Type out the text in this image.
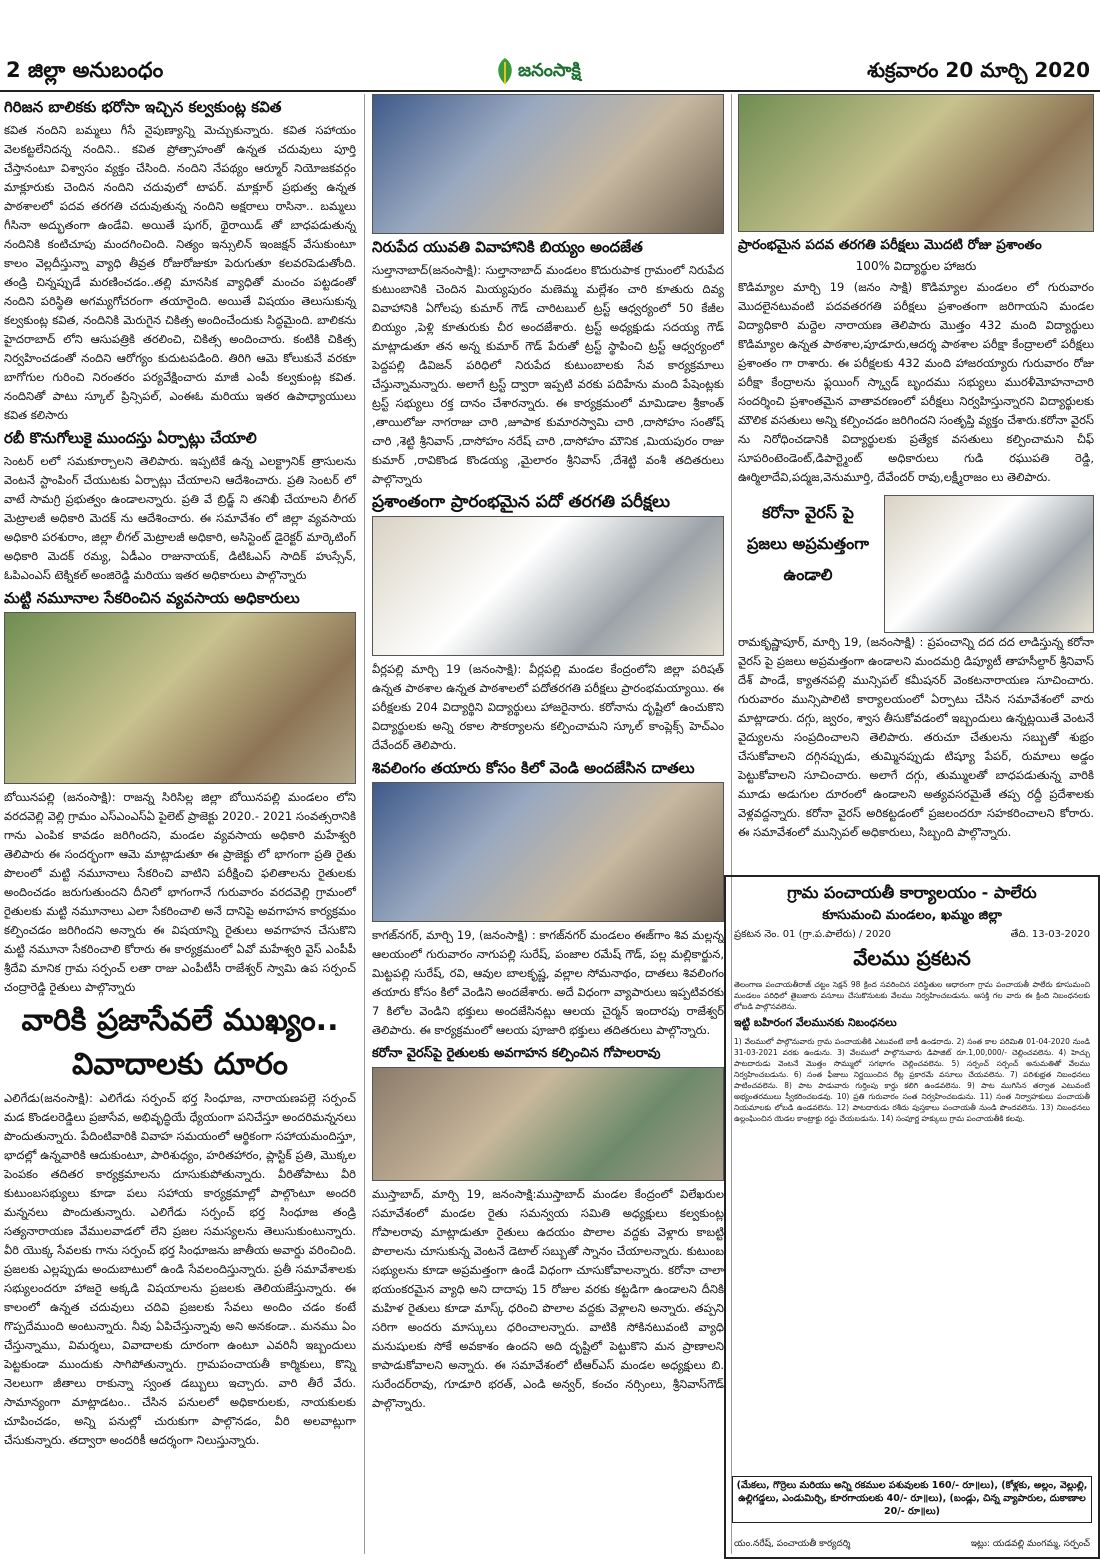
2 జిల్లా అనుబంధం	జనంసాక్షి	శుక్రవారం 20 మార్చి 2020
గిరిజన బాలికకు భరోసా ఇచ్చిన కల్వకుంట్ల కవిత

కవిత నందిని బమ్మలు గీసే నైపుణ్యాన్ని మెచ్చుకున్నారు. కవిత సహాయం వెలకట్టలేనిదన్న నందిని.. కవిత ప్రోత్సాహంతో ఉన్నత చదువులు పూర్తి చేస్తానంటూ విశ్వాసం వ్యక్తం చేసింది. నందిని నేపథ్యం ఆర్మూర్ నియోజకవర్గం మాక్లూరుకు చెందిన నందిని చదువులో టాపర్. మాక్లూర్ ప్రభుత్వ ఉన్నత పాఠశాలలో పదవ తరగతి చదువుతున్న నందిని అక్షరాలు రాసినా.. బమ్మలు గీసినా అద్భుతంగా ఉండేవి. అయితే షుగర్, థైరాయిడ్ తో బాధపడుతున్న నందినికి కంటిచూపు మందగించింది. నిత్యం ఇన్సులిన్ ఇంజక్షన్ వేసుకుంటూ కాలం వెల్లదీస్తున్నా వ్యాధి తీవ్రత రోజురోజుకూ పెరుగుతూ కలవరపెడుతోంది. తండ్రి చిన్నప్పుడే మరణించడం..తల్లి మానసిక వ్యాధితో మంచం పట్టడంతో నందిని పరిస్థితి అగమ్యగోచరంగా తయారైంది. అయితే విషయం తెలుసుకున్న కల్వకుంట్ల కవిత, నందినికి మెరుగైన చికిత్స అందించేందుకు సిద్ధమైంది. బాలికను హైదరాబాద్ లోని ఆసుపత్రికి తరలించి, చికిత్స అందించారు. కంటికి చికిత్స నిర్వహించడంతో నందిని ఆరోగ్యం కుదుటపడింది. తిరిగి ఆమె కోలుకునే వరకూ బాగోగుల గురించి నిరంతరం పర్యవేక్షించారు మాజీ ఎంపీ కల్వకుంట్ల కవిత. నందినితో పాటు స్కూల్ ప్రిన్సిపల్, ఎంఈఓ మరియు ఇతర ఉపాధ్యాయులు కవిత కలిసారు

రబీ కొనుగోలుకై ముందస్తు ఏర్పాట్లు చేయాలి

సెంటర్ లలో సమకూర్చాలని తెలిపారు. ఇప్పటికే ఉన్న ఎలక్ట్రానిక్ త్రాసులను వెంటనే స్టాంపింగ్ చేయుటకు ఏర్పాట్లు చేయాలని ఆదేశించారు. ప్రతి సెంటర్ లో వాటే సామగ్రి ప్రభుత్వం ఉండాలన్నారు. ప్రతి వే బ్రిడ్జ్ ని తనిఖీ చేయాలని లీగల్ మెట్రాలజీ అధికారి మెదక్ ను ఆదేశించారు. ఈ సమావేశం లో జిల్లా వ్యవసాయ అధికారి పరశురాం, జిల్లా లీగల్ మెట్రాలజీ అధికారి, అసిస్టెంట్ డైరెక్టర్ మార్కెటింగ్ అధికారి మెదక్ రమ్య, ఏడీఎం రాజునాయక్, డిటిఓఎస్ సాదిక్ హుస్సేన్, ఓపిఎంఎస్ టెక్నికల్ అంజిరెడ్డి మరియు ఇతర అధికారులు పాల్గొన్నారు

మట్టి నమూనాల సేకరించిన వ్యవసాయ అధికారులు

బోయినపల్లి (జనంసాక్షి): రాజన్న సిరిసిల్ల జిల్లా బోయినపల్లి మండలం లోని వరదవెల్లి వెల్లి గ్రామం ఎస్ఎంఎస్ఏ పైలెట్ ప్రాజెక్టు 2020.- 2021 సంవత్సరానికి గాను ఎంపిక కావడం జరిగిందని, మండల వ్యవసాయ అధికారి మహేశ్వరి తెలిపారు ఈ సందర్భంగా ఆమె మాట్లాడుతూ ఈ ప్రాజెక్టు లో భాగంగా ప్రతి రైతు పొలంలో మట్టి నమూనాలు సేకరించి వాటిని పరీక్షించి ఫలితాలను రైతులకు అందించడం జరుగుతుందని దీనిలో భాగంగానే గురువారం వరదవెల్లి గ్రామంలో రైతులకు మట్టి నమూనాలు ఎలా సేకరించాలి అనే దానిపై అవగాహన కార్యక్రమం కల్పించడం జరిగిందని అన్నారు ఈ విషయాన్ని రైతులు అవగాహన చేసుకొని మట్టి నమూనా సేకరించాలి కోరారు ఈ కార్యక్రమంలో ఏవో మహేశ్వరి వైస్ ఎంపీపీ శ్రీదేవి మానిక గ్రామ సర్పంచ్ లతా రాజు ఎంపీటీసీ రాజేశ్వర్ స్వామి ఉప సర్పంచ్ చంద్రారెడ్డి రైతులు పాల్గొన్నారు

వారికి ప్రజాసేవలే ముఖ్యం..
వివాదాలకు దూరం

ఎలిగేడు(జనంసాక్షి): ఎలిగేడు సర్పంచ్ భర్త సింధూజ, నారాయణపల్లె సర్పంచ్ మడ కొండలరెడ్డిలు ప్రజాసేవ, అభివృద్ధియే ధ్యేయంగా పనిచేస్తూ అందరిమన్ననలు పొందుతున్నారు. పేదింటివారికి వివాహ సమయంలో ఆర్థికంగా సహాయమందిస్తూ, భాదల్లో ఉన్నవారికి ఆదుకుంటూ, పారిశుధ్యం, హరితహారం, ప్లాస్టిక్ ప్రతి, మొక్కల పెంపకం తదితర కార్యక్రమాలను దూసుకుపోతున్నారు. వీరితోపాటు వీరి కుటుంబసభ్యులు కూడా పలు సహాయ కార్యక్రమాల్లో పాల్గొంటూ అందరి మన్ననలు పొందుతున్నారు. ఎలిగేడు సర్పంచ్ భర్త సింధూజ తండ్రి సత్యనారాయణ వేములవాడలో లేని ప్రజల సమస్యలను తెలుసుకుంటున్నారు. వీరి యొక్క సేవలకు గాను సర్పంచ్ భర్త సింధూజను జాతీయ అవార్డు వరించింది. ప్రజలకు ఎల్లప్పుడు అందుబాటులో ఉండి సేవలందిస్తున్నారు. ప్రతీ సమావేశాలకు సభ్యులందరూ హాజరై అక్కడి విషయాలను ప్రజలకు తెలియజేస్తున్నారు. ఈ కాలంలో ఉన్నత చదువులు చదివి ప్రజలకు సేవలు అందిం చడం కంటే గొప్పదేముంది అంటున్నారు. నీవు ఏపిచేస్తున్నావు అని అనకండా.. మనము ఏం చేస్తున్నాము, విమర్శలు, వివాదాలకు దూరంగా ఉంటూ ఎవరినీ ఇబ్బందులు పెట్టకుండా ముందుకు సాగిపోతున్నారు. గ్రామపంచాయతీ కార్మికులు, కొన్ని నెలలుగా జీతాలు రాకున్నా స్వంత డబ్బులు ఇచ్చారు. వారి తీరే వేరు. సామాన్యంగా మాట్లాడటం.. చేసిన పనులలో అధికారులకు, నాయకులకు చూపించడం, అన్ని పనుల్లో చురుకుగా పాల్గొనడం, వీరి అలవాట్లుగా చేసుకున్నారు. తద్వారా అందరికీ ఆదర్శంగా నిలుస్తున్నారు.

నిరుపేద యువతి వివాహానికి బియ్యం అందజేత

సుల్తానాబాద్(జనంసాక్షి): సుల్తానాబాద్ మండలం కొదురుపాక గ్రామంలో నిరుపేద కుటుంబానికి చెందిన మియ్యపురం మణెమ్మ మల్లేశం చారి కూతురు దివ్య వివాహానికి ఏగోలపు కుమార్ గౌడ్ చారిటబుల్ ట్రస్ట్ ఆధ్వర్యంలో 50 కేజీల బియ్యం ,పెళ్లి కూతురుకు చీర అందజేశారు. ట్రస్ట్ అధ్యక్షుడు సదయ్య గౌడ్ మాట్లాడుతూ తన అన్న కుమార్ గౌడ్ పేరుతో ట్రస్ట్ స్థాపించి ట్రస్ట్ ఆధ్వర్యంలో పెద్దపల్లి డివిజన్ పరిధిలో నిరుపేద కుటుంబాలకు సేవ కార్యక్రమాలు చేస్తున్నామన్నారు. అలాగే ట్రస్ట్ ద్వారా ఇప్పటి వరకు పదిహేను మంది పేషెంట్లకు ట్రస్ట్ సభ్యులు రక్త దానం చేశారన్నారు. ఈ కార్యక్రమంలో మామిడాల శ్రీకాంత్ ,తాయిలోజు నాగరాజు చారి ,జూపాక కుమారస్వామి చారి ,దాసోహం సంతోష్ చారి ,శెట్టి శ్రీనివాస్ ,దాసోహం నరేష్ చారి ,దాసోహం మౌనిక ,మియపురం రాజు కుమార్ ,రావికొండ కొండయ్య ,మైలారం శ్రీనివాస్ ,దేశెట్టి వంశీ తదితరులు పాల్గొన్నారు

ప్రశాంతంగా ప్రారంభమైన పదో తరగతి పరీక్షలు

వీర్లపల్లి మార్చి 19 (జనంసాక్షి): వీర్లపల్లి మండల కేంద్రంలోని జిల్లా పరిషత్ ఉన్నత పాఠశాల ఉన్నత పాఠశాలలో పదోతరగతి పరీక్షలు ప్రారంభమయ్యాయి. ఈ పరీక్షలకు 204 విద్యార్థిని విద్యార్థులు హాజరైనారు. కరోనాను దృష్టిలో ఉంచుకొని విద్యార్థులకు అన్ని రకాల సౌకర్యాలను కల్పించామని స్కూల్ కాంప్లెక్స్ హెచ్ఎం దేవేందర్ తెలిపారు.

శివలింగం తయారు కోసం కిలో వెండి అందజేసిన దాతలు

కాగజ్‌నగర్, మార్చి 19, (జనంసాక్షి) : కాగజ్‌నగర్ మండలం ఈజ్‌గాం శివ మల్లన్న ఆలయంలో గురువారం నాగుపల్లి సురేష్, పంజాల రమేష్ గౌడ్, పల్ల మల్లికార్జున, మిట్టపల్లి సురేష్, రవి, ఆవుల బాలకృష్ణ, వల్లాల సోమనాథం, దాతలు శివలింగం తయారు కోసం కిలో వెండిని అందజేశారు. అదే విధంగా వ్యాపారులు ఇప్పటివరకు 7 కిలోల వెండిని భక్తులు అందజేసినట్లు ఆలయ చైర్మన్ ఇందారపు రాజేశ్వర్ తెలిపారు. ఈ కార్యక్రమంలో ఆలయ పూజారి భక్తులు తదితరులు పాల్గొన్నారు.

కరోనా వైరస్‌పై రైతులకు అవగాహన కల్పించిన గోపాలరావు

ముస్తాబాద్, మార్చి 19, జనంసాక్షి:ముస్తాబాద్ మండల కేంద్రంలో విలేఖరుల సమావేశంలో మండల రైతు సమన్వయ సమితి అధ్యక్షులు కల్వకుంట్ల గోపాలరావు మాట్లాడుతూ రైతులు ఉదయం పొలాల వద్దకు వెళ్లారు కాబట్టి పొలాలను చూసుకున్న వెంటనే డెటాల్ సబ్బుతో స్నానం చేయాలన్నారు. కుటుంబ సభ్యులను కూడా అప్రమత్తంగా ఉండే విధంగా చూసుకోవాలన్నారు. కరోనా చాలా భయంకరమైన వ్యాధి అని దాదాపు 15 రోజుల వరకు కట్టడిగా ఉండాలని దీనికి మహిళ రైతులు కూడా మాస్క్ ధరించి పొలాల వద్దకు వెళ్లాలని అన్నారు. తప్పని సరిగా అందరు మాస్కులు ధరించాలన్నారు. వాటికి సోకినటువంటి వ్యాధి మనుషులకు సోకే అవకాశం ఉందని అది దృష్టిలో పెట్టుకొని మన ప్రాణాలని కాపాడుకోవాలని అన్నారు. ఈ సమావేశంలో టీఆర్ఎస్ మండల అధ్యక్షులు బి. సురేందర్‌రావు, గూడూరి భరత్, ఎండి అన్వర్, కంచం నర్సింలు, శ్రీనివాస్‌గౌడ్ పాల్గొన్నారు.

ప్రారంభమైన పదవ తరగతి పరీక్షలు మొదటి రోజు ప్రశాంతం
100% విద్యార్థుల హాజరు

కొడిమ్యాల మార్చి 19 (జనం సాక్షి) కొడిమ్యాల మండలం లో గురువారం మొదలైనటువంటి పదవతరగతి పరీక్షలు ప్రశాంతంగా జరిగాయని మండల విద్యాధికారి మద్దెల నారాయణ తెలిపారు మొత్తం 432 మంది విద్యార్థులు కొడిమ్యాల ఉన్నత పాఠశాల,పూడూరు,ఆదర్శ పాఠశాల పరీక్షా కేంద్రాలలో పరీక్షలు ప్రశాంతం గా రాశారు. ఈ పరీక్షలకు 432 మంది హాజరయ్యారు గురువారం రోజు పరీక్షా కేంద్రాలను ఫ్లయింగ్ స్క్వాడ్ బృందము సభ్యులు మురళీమోహనాచారి సందర్శించి ప్రశాంతమైన వాతావరణంలో పరీక్షలు నిర్వహిస్తున్నారని విద్యార్థులకు మౌలిక వసతులు అన్ని కల్పించడం జరిగిందని సంతృప్తి వ్యక్తం చేశారు.కరోనా వైరస్ ను నిరోధించడానికి విద్యార్థులకు ప్రత్యేక వసతులు కల్పించామని చీఫ్ సూపరింటెండెంట్,డిపార్ట్మెంట్ అధికారులు గుడి రఘుపతి రెడ్డి, ఊర్మిలాదేవి,పద్మజ,వెనుమూర్తి, దేవేందర్ రావు,లక్ష్మీరాజం లు తెలిపారు.

కరోనా వైరస్ పై
ప్రజలు అప్రమత్తంగా
ఉండాలి

రామకృష్ణాపూర్, మార్చి 19, (జనంసాక్షి) : ప్రపంచాన్ని దద దద లాడిస్తున్న కరోనా వైరస్ పై ప్రజలు అప్రమత్తంగా ఉండాలని మందమర్రి డిప్యూటీ తాహసీల్దార్ శ్రీనివాస్ దేశ్ పాండే, క్యాతనపల్లి మున్సిపల్ కమీషనర్ వెంకటనారాయణ సూచించారు. గురువారం మున్సిపాలిటి కార్యాలయంలో ఏర్పాటు చేసిన సమావేశంలో వారు మాట్లాడారు. దగ్గు, జ్వరం, శ్వాస తీసుకోవడంలో ఇబ్బందులు ఉన్నట్లయితే వెంటనే వైద్యులను సంప్రదించాలని తెలిపారు. తరుచూ చేతులను సబ్బుతో శుభ్రం చేసుకోవాలని దగ్గినప్పుడు, తుమ్మినప్పుడు టిష్యూ పేపర్, రుమాలు అడ్డం పెట్టుకోవాలని సూచించారు. అలాగే దగ్గు, తుమ్ములతో బాధపడుతున్న వారికి మూడు అడుగుల దూరంలో ఉండాలని అత్యవసరమైతే తప్ప రద్దీ ప్రదేశాలకు వెళ్లవద్దన్నారు. కరోనా వైరస్ అరికట్టడంలో ప్రజలందరూ సహకరించాలని కోరారు. ఈ సమావేశంలో మున్సిపల్ అధికారులు, సిబ్బంది పాల్గొన్నారు.

గ్రామ పంచాయతీ కార్యాలయం - పాలేరు
కూసుమంచి మండలం, ఖమ్మం జిల్లా
ప్రకటన నెం. 01 (గ్రా.ప.పాలేరు) / 2020	తేది. 13-03-2020
వేలము ప్రకటన

తెలంగాణ పంచాయతీరాజ్ చట్టం సెక్షన్ 98 క్రింద సవరించిన పరిస్థితుల ఆధారంగా గ్రామ పంచాయతీ పాలేరు కూసుమంచి మండలం పరిధిలో తైబజారు వసూలు చేసుకొనుటకు వేలము నిర్వహించబడును. ఆసక్తి గల వారు ఈ క్రింది నిబంధనలకు లోబడి పాల్గొనవలెను.

ఇట్టి బహిరంగ వేలమునకు నిబంధనలు

1) వేలములో పాల్గొనువారు గ్రామ పంచాయతీకి ఎటువంటి బాకీ ఉండరాదు. 2) సంత కాల పరిమితి 01-04-2020 నుండి 31-03-2021 వరకు ఉండును. 3) వేలములో పాల్గొనువారు డిపాజిట్ రూ.1,00,000/- చెల్లించవలెను. 4) హెచ్చు పాటదారుడు వెంటనే మొత్తం సొమ్ములో సగభాగం చెల్లించవలెను. 5) సర్పంచ్ సర్పంచ్ అనుమతితో వేలము నిర్వహించబడును. 6) సంత ఫీజులు నిర్ణయించిన రేట్ల ప్రకారమే వసూలు చేయవలెను. 7) పరిశుభ్రత నిబంధనలు పాటించవలెను. 8) పాట పాడువారు గుర్తింపు కార్డు కలిగి ఉండవలెను. 9) పాట ముగిసిన తర్వాత ఎటువంటి అభ్యంతరములు స్వీకరించబడవు. 10) ప్రతి గురువారం సంత నిర్వహించబడును. 11) సంత నిర్వాహకులు పంచాయతీ నియమాలకు లోబడి ఉండవలెను. 12) పాటదారుడు రశీదు పుస్తకాలు పంచాయతీ నుండి పొందవలెను. 13) నిబంధనలు ఉల్లంఘించిన యెడల కాంట్రాక్టు రద్దు చేయబడును. 14) సంపూర్ణ హక్కులు గ్రామ పంచాయతీకి కలవు.

(మేకలు, గొర్రెలు మరియు అన్ని రకముల పశువులకు 160/- రూ॥లు), (కోళ్లకు, అల్లం, వెల్లుల్లి, ఉల్లిగడ్డలు, ఎండుమిర్చి, కూరగాయలకు 40/- రూ॥లు), (బండ్లు, చిన్న వ్యాపారుల, దుకాణాల 20/- రూ॥లు)
యం.నరేష్, పంచాయతీ కార్యదర్శి	ఇట్లు: యడవల్లి మంగమ్మ, సర్పంచ్
